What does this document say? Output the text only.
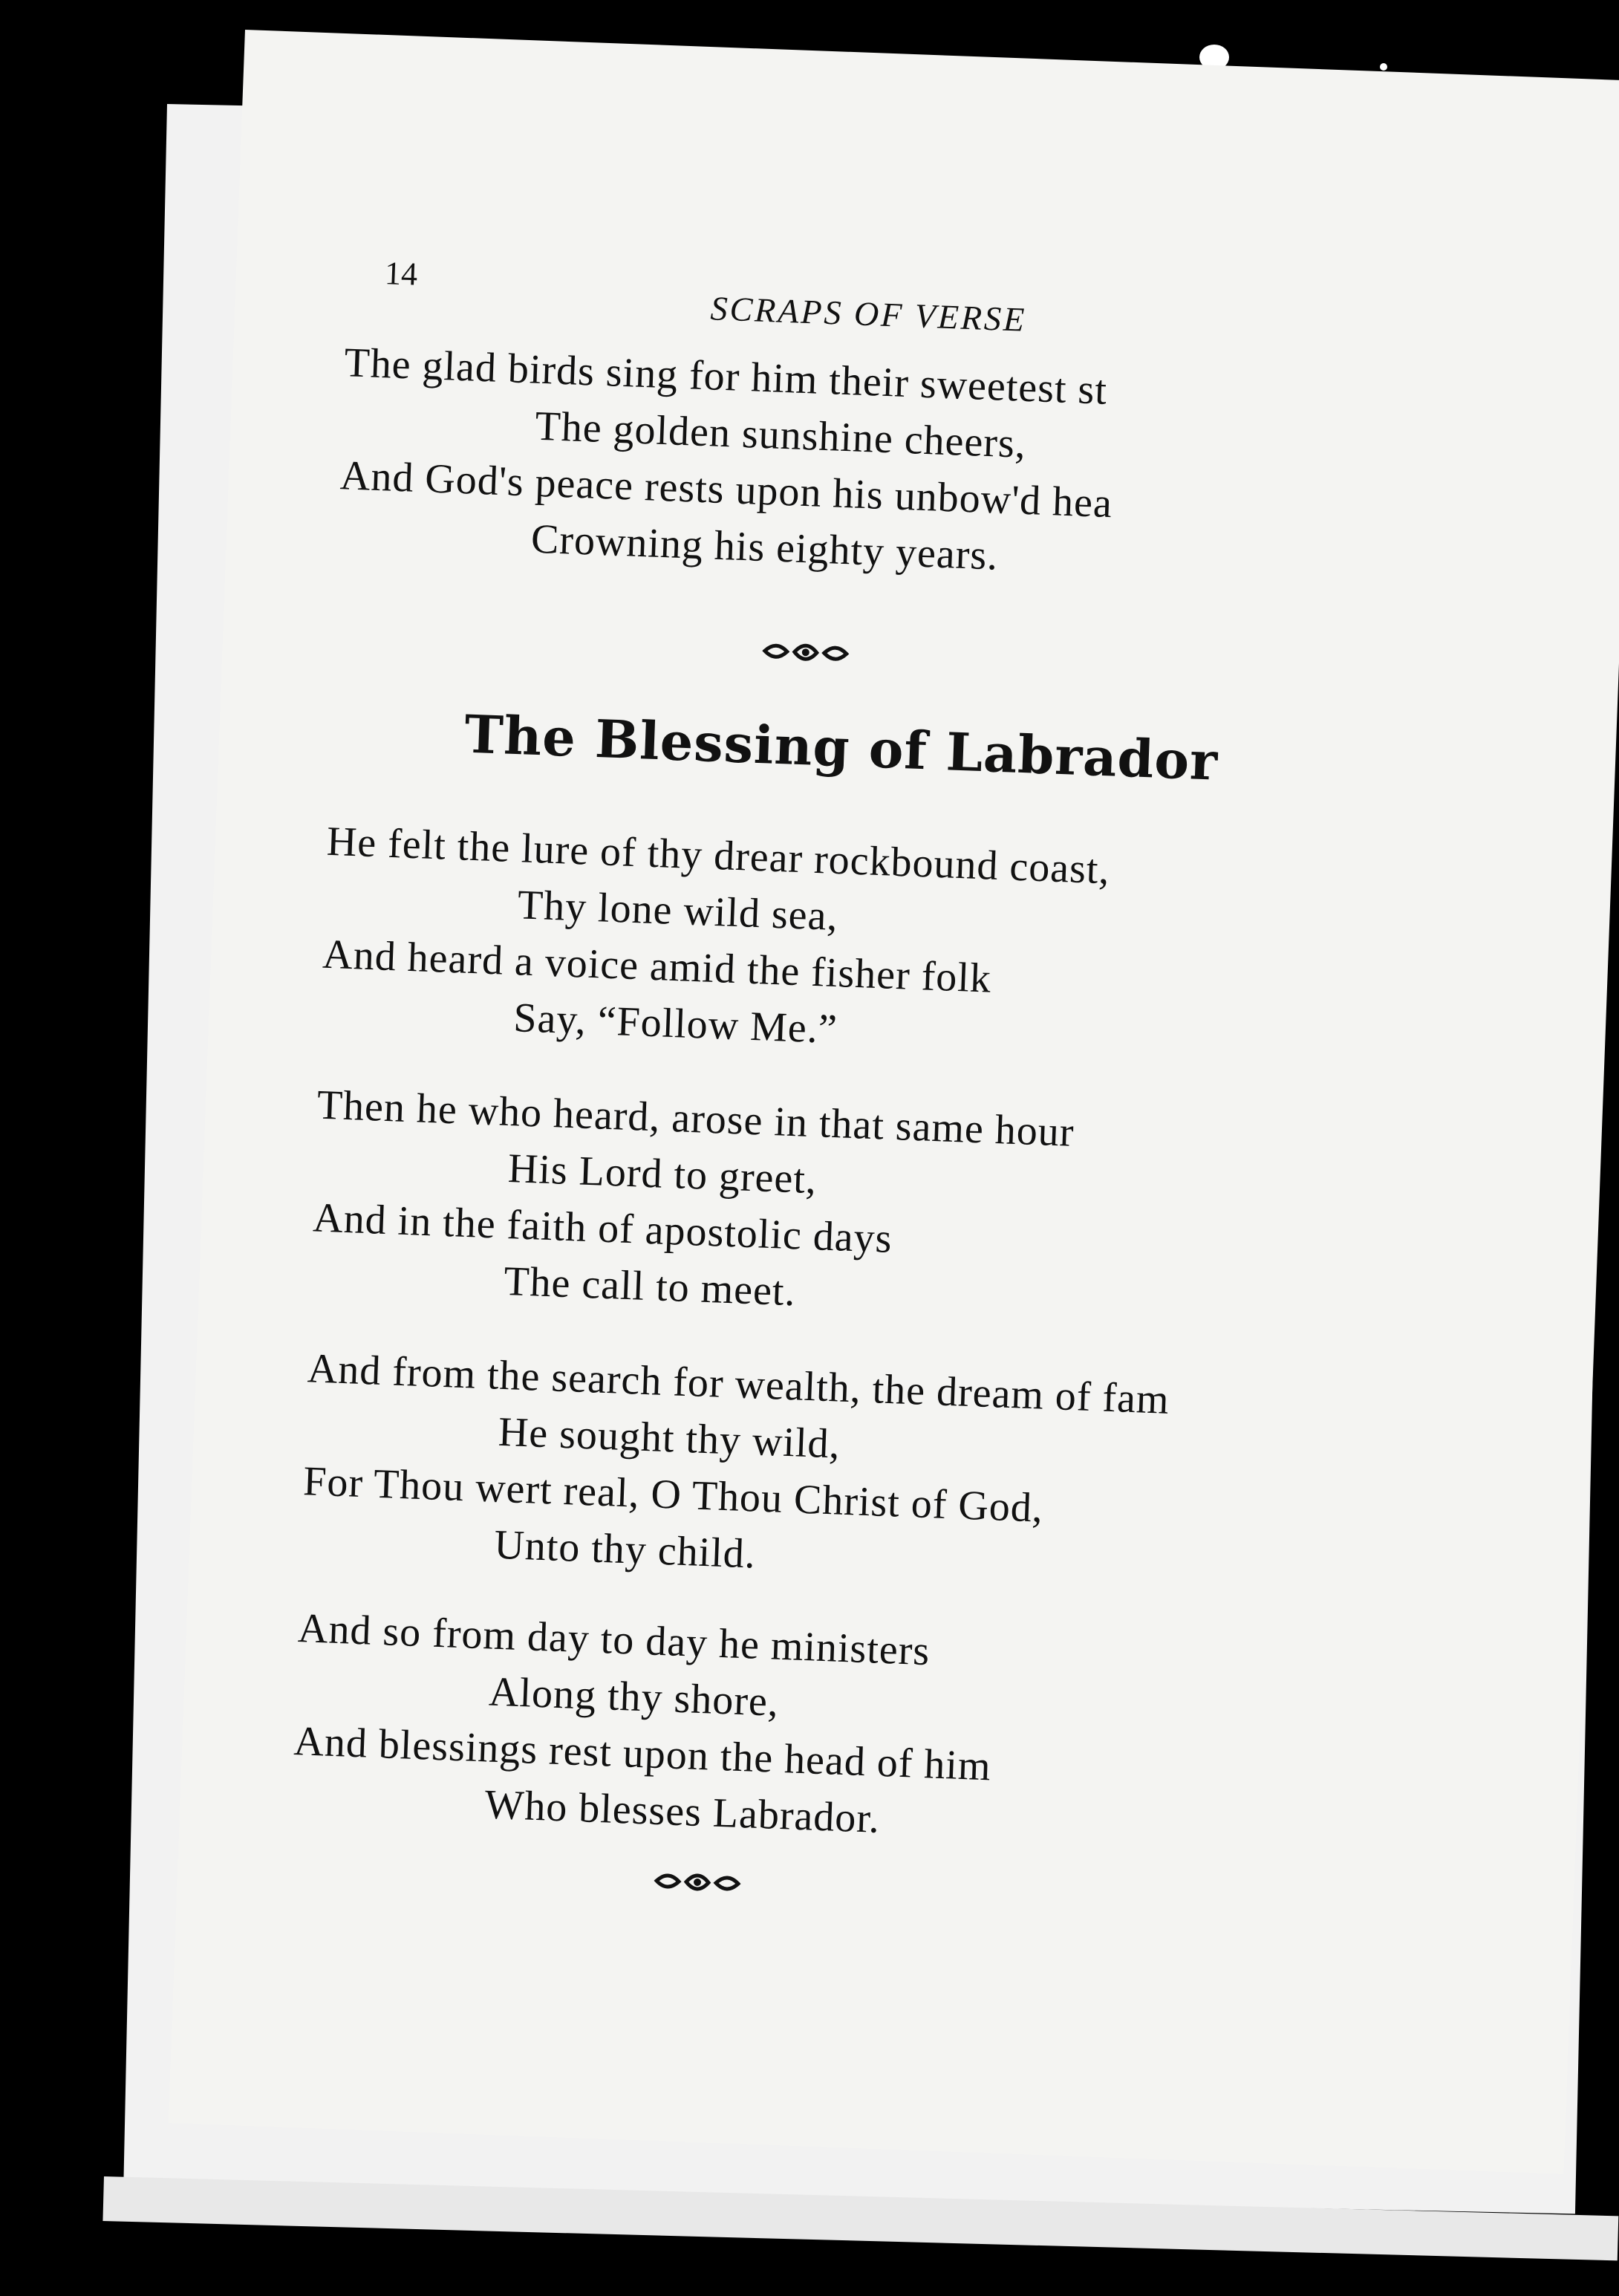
14
SCRAPS OF VERSE
The glad birds sing for him their sweetest st
The golden sunshine cheers,
And God's peace rests upon his unbow'd hea
Crowning his eighty years.
The Blessing of Labrador
He felt the lure of thy drear rockbound coast,
Thy lone wild sea,
And heard a voice amid the fisher folk
Say, “Follow Me.”
Then he who heard, arose in that same hour
His Lord to greet,
And in the faith of apostolic days
The call to meet.
And from the search for wealth, the dream of fam
He sought thy wild,
For Thou wert real, O Thou Christ of God,
Unto thy child.
And so from day to day he ministers
Along thy shore,
And blessings rest upon the head of him
Who blesses Labrador.
